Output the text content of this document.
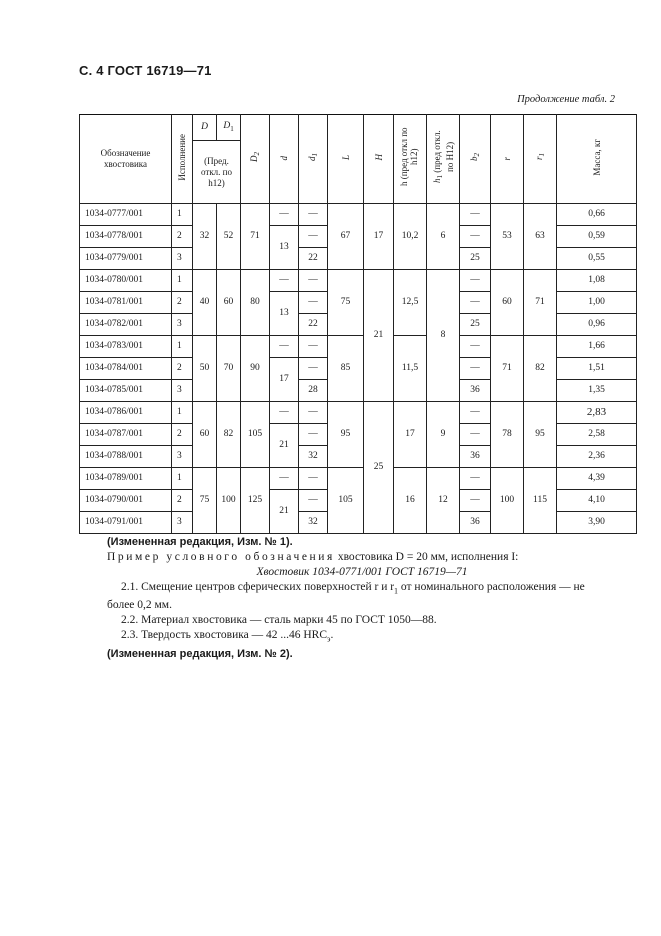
С. 4 ГОСТ 16719—71
Продолжение табл. 2
Обозначение хвостовика	Исполнение	D	$D_1$	$D_2$	d	$d_1$	L	H	h (пред откл по h12)	$h_1$ (пред откл. по H12)	$b_2$	r	$r_1$	Масса, кг

		(Пред. откл. по h12)												

1034-0777/001	1	32	52	71	—	—	67	17	10,2	6	—	53	63	0,66
1034-0778/001	2				13	—					—			0,59
1034-0779/001	3					22					25			0,55
1034-0780/001	1	40	60	80	—	—	75	21	12,5	8	—	60	71	1,08
1034-0781/001	2				13	—					—			1,00
1034-0782/001	3					22					25			0,96
1034-0783/001	1	50	70	90	—	—	85		11,5		—	71	82	1,66
1034-0784/001	2				17	—					—			1,51
1034-0785/001	3					28					36			1,35
1034-0786/001	1	60	82	105	—	—	95	25	17	9	—	78	95	2,83
1034-0787/001	2				21	—					—			2,58
1034-0788/001	3					32					36			2,36
1034-0789/001	1	75	100	125	—	—	105		16	12	—	100	115	4,39
1034-0790/001	2				21	—					—			4,10
1034-0791/001	3					32					36			3,90

(Измененная редакция, Изм. № 1).

Пример условного обозначения хвостовика D = 20 мм, исполнения I:

Хвостовик 1034-0771/001 ГОСТ 16719—71

2.1. Смещение центров сферических поверхностей r и $r_1$ от номинального расположения — не

более 0,2 мм.

2.2. Материал хвостовика — сталь марки 45 по ГОСТ 1050—88.

2.3. Твердость хвостовика — 42 ...46 $HRC_э$.

(Измененная редакция, Изм. № 2).
